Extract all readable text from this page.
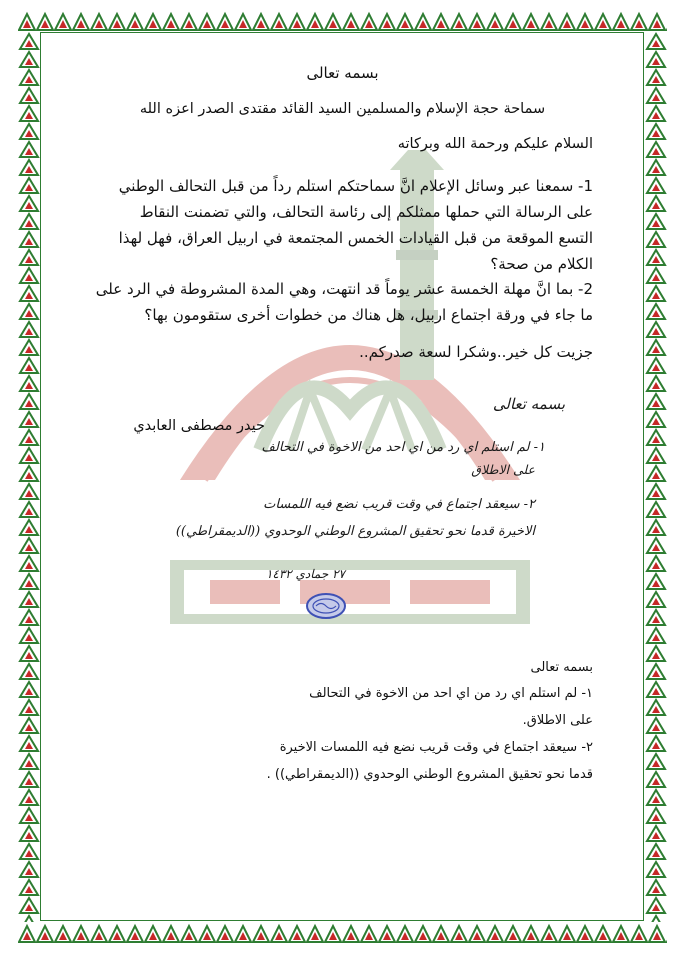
بسمه تعالى
سماحة حجة الإسلام والمسلمين السيد القائد مقتدى الصدر اعزه الله
السلام عليكم ورحمة الله وبركاته
1- سمعنا عبر وسائل الإعلام انَّ سماحتكم استلم رداً من قبل التحالف الوطني
على الرسالة التي حملها ممثلكم إلى رئاسة التحالف، والتي تضمنت النقاط
التسع الموقعة من قبل القيادات الخمس المجتمعة في اربيل العراق، فهل لهذا
الكلام من صحة؟
2- بما انَّ مهلة الخمسة عشر يوماً قد انتهت، وهي المدة المشروطة في الرد على
ما جاء في ورقة اجتماع اربيل، هل هناك من خطوات أخرى ستقومون بها؟
جزيت كل خير..وشكرا لسعة صدركم..
حيدر مصطفى العابدي
بسمه تعالى
١- لم استلم اي رد من اي احد من الاخوة في التحالف
على الاطلاق
٢- سيعقد اجتماع في وقت قريب نضع فيه اللمسات
الاخيرة قدما نحو تحقيق المشروع الوطني الوحدوي ((الديمقراطي))
٢٧ جمادي ١٤٣٢
بسمه تعالى
١- لم استلم اي رد من اي احد من الاخوة في التحالف
على الاطلاق.
٢- سيعقد اجتماع في وقت قريب نضع فيه اللمسات الاخيرة
قدما نحو تحقيق المشروع الوطني الوحدوي ((الديمقراطي)) .
